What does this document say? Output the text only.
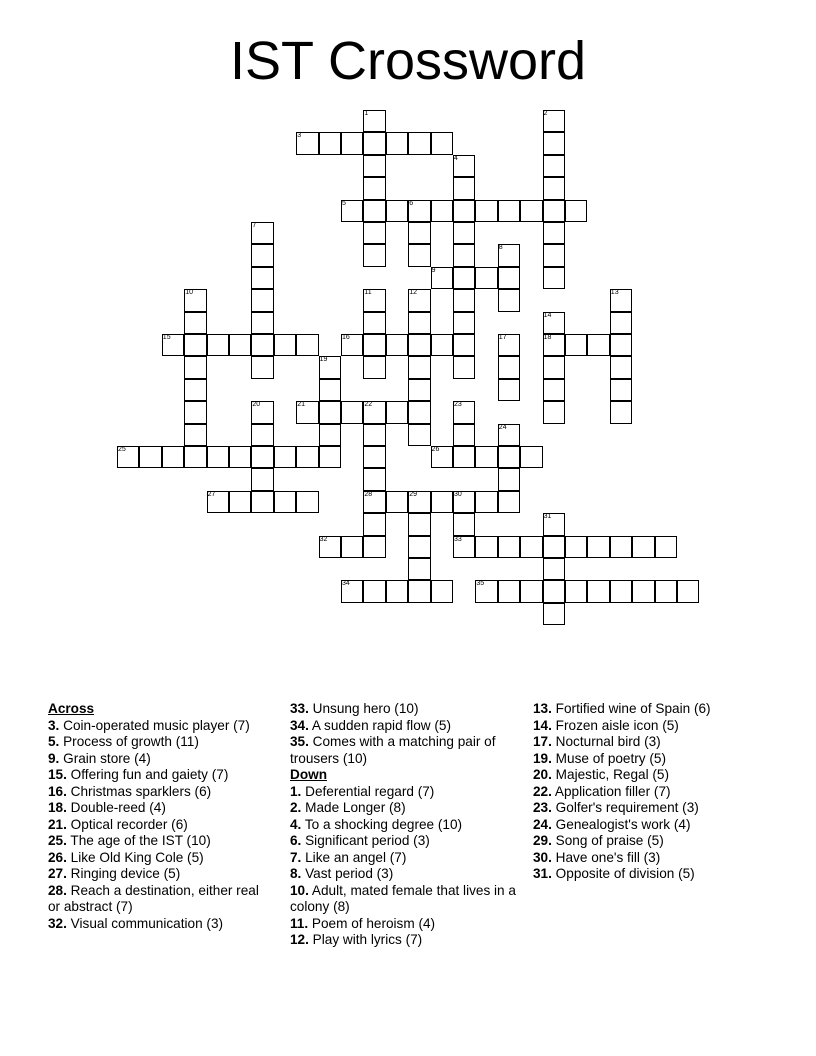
IST Crossword
1	2
3
4
5	6
7
8
9
10	11	12	13
14
15	16	17	18
19
20	21	22	23
24
25	26
27	28	29	30
31
32	33
34	35
Across
3. Coin-operated music player (7)
5. Process of growth (11)
9. Grain store (4)
15. Offering fun and gaiety (7)
16. Christmas sparklers (6)
18. Double-reed (4)
21. Optical recorder (6)
25. The age of the IST (10)
26. Like Old King Cole (5)
27. Ringing device (5)
28. Reach a destination, either real or abstract (7)
32. Visual communication (3)
33. Unsung hero (10)
34. A sudden rapid flow (5)
35. Comes with a matching pair of trousers (10)
Down
1. Deferential regard (7)
2. Made Longer (8)
4. To a shocking degree (10)
6. Significant period (3)
7. Like an angel (7)
8. Vast period (3)
10. Adult, mated female that lives in a colony (8)
11. Poem of heroism (4)
12. Play with lyrics (7)
13. Fortified wine of Spain (6)
14. Frozen aisle icon (5)
17. Nocturnal bird (3)
19. Muse of poetry (5)
20. Majestic, Regal (5)
22. Application filler (7)
23. Golfer's requirement (3)
24. Genealogist's work (4)
29. Song of praise (5)
30. Have one's fill (3)
31. Opposite of division (5)
